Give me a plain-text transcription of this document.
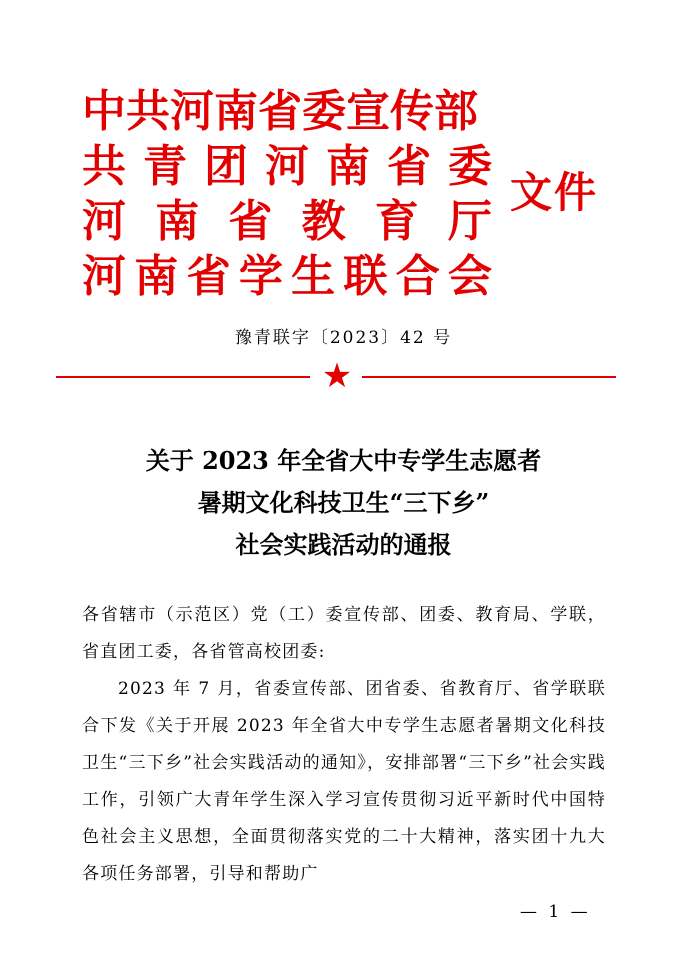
中共河南省委宣传部
共 青 团 河 南 省 委
河 南 省 教 育 厅
河 南 省 学 生 联 合 会
文件
豫青联字〔2023〕42 号
★
关于 2023 年全省大中专学生志愿者
暑期文化科技卫生“三下乡”
社会实践活动的通报

各省辖市（示范区）党（工）委宣传部、团委、教育局、学联，省直团工委，各省管高校团委:

2023 年 7 月，省委宣传部、团省委、省教育厅、省学联联合下发《关于开展 2023 年全省大中专学生志愿者暑期文化科技卫生“三下乡”社会实践活动的通知》，安排部署“三下乡”社会实践工作，引领广大青年学生深入学习宣传贯彻习近平新时代中国特色社会主义思想，全面贯彻落实党的二十大精神，落实团十九大各项任务部署，引导和帮助广

— 1 —
